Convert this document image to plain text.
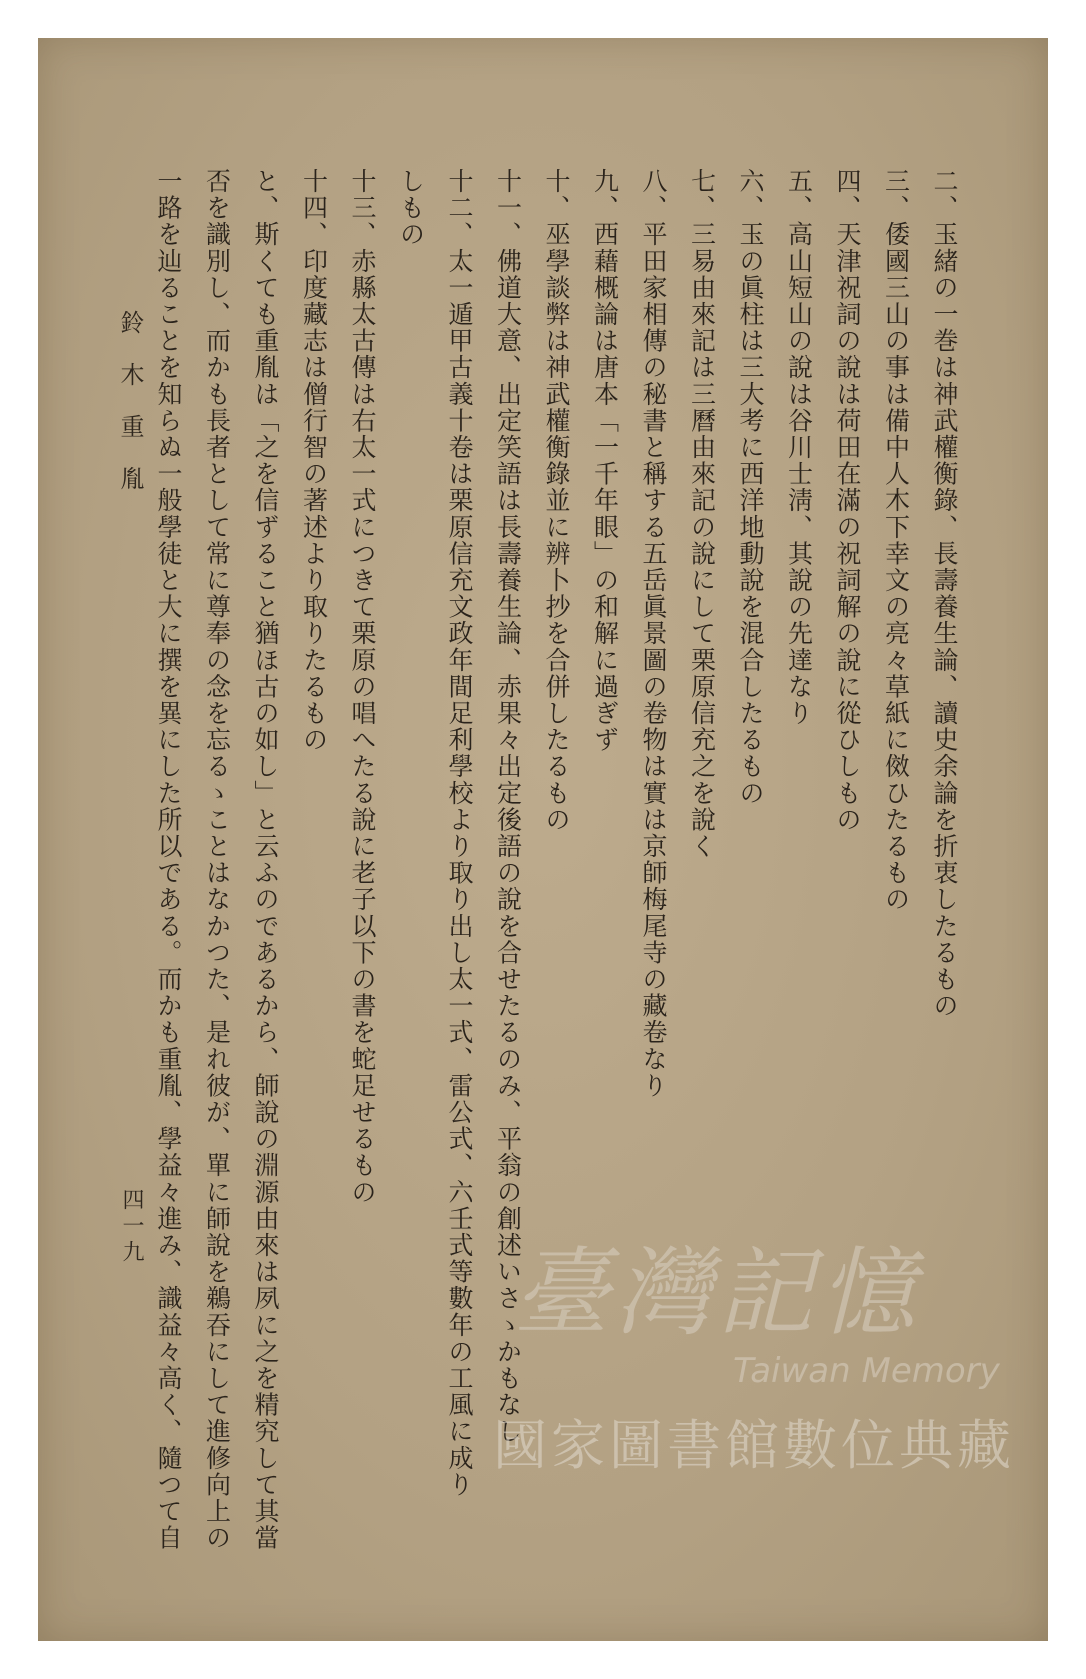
二、玉緒の一巻は神武權衡錄、長壽養生論、讀史余論を折衷したるもの
三、倭國三山の事は備中人木下幸文の亮々草紙に傚ひたるもの
四、天津祝詞の說は荷田在滿の祝詞解の說に從ひしもの
五、高山短山の說は谷川士淸、其說の先達なり
六、玉の眞柱は三大考に西洋地動說を混合したるもの
七、三易由來記は三曆由來記の說にして栗原信充之を說く
八、平田家相傳の秘書と稱する五岳眞景圖の卷物は實は京師梅尾寺の藏卷なり
九、西藉概論は唐本「一千年眼」の和解に過ぎず
十、巫學談弊は神武權衡錄並に辨卜抄を合併したるもの
十一、佛道大意、出定笑語は長壽養生論、赤果々出定後語の說を合せたるのみ、平翁の創述いさゝかもなし
十二、太一遁甲古義十卷は栗原信充文政年間足利學校より取り出し太一式、雷公式、六壬式等數年の工風に成り
しもの
十三、赤縣太古傳は右太一式につきて栗原の唱へたる說に老子以下の書を蛇足せるもの
十四、印度藏志は僧行智の著述より取りたるもの
と、斯くても重胤は「之を信ずること猶ほ古の如し」と云ふのであるから、師說の淵源由來は夙に之を精究して其當
否を識別し、而かも長者として常に尊奉の念を忘るゝことはなかつた、是れ彼が、單に師說を鵜吞にして進修向上の
一路を辿ることを知らぬ一般學徒と大に撰を異にした所以である。而かも重胤、學益々進み、識益々高く、隨つて自
鈴木重胤
四一九
臺灣記憶
Taiwan Memory
國家圖書館數位典藏
